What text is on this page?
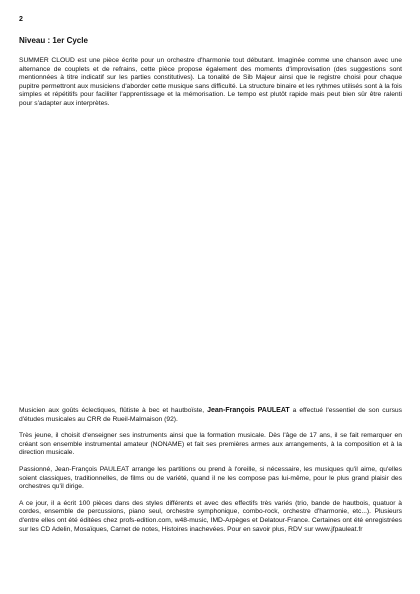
2
Niveau : 1er Cycle

SUMMER CLOUD est une pièce écrite pour un orchestre d'harmonie tout débutant. Imaginée comme une chanson avec une alternance de couplets et de refrains, cette pièce propose également des moments d'improvisation (des suggestions sont mentionnées à titre indicatif sur les parties constitutives). La tonalité de Sib Majeur ainsi que le registre choisi pour chaque pupitre permettront aux musiciens d'aborder cette musique sans difficulté. La structure binaire et les rythmes utilisés sont à la fois simples et répétitifs pour faciliter l'apprentissage et la mémorisation. Le tempo est plutôt rapide mais peut bien sûr être ralenti pour s'adapter aux interprètes.

Musicien aux goûts éclectiques, flûtiste à bec et hautboïste, Jean-François PAULEAT a effectué l'essentiel de son cursus d'études musicales au CRR de Rueil-Malmaison (92).

Très jeune, il choisit d'enseigner ses instruments ainsi que la formation musicale. Dès l'âge de 17 ans, il se fait remarquer en créant son ensemble instrumental amateur (NONAME) et fait ses premières armes aux arrangements, à la composition et à la direction musicale.

Passionné, Jean-François PAULEAT arrange les partitions ou prend à l'oreille, si nécessaire, les musiques qu'il aime, qu'elles soient classiques, traditionnelles, de films ou de variété, quand il ne les compose pas lui-même, pour le plus grand plaisir des orchestres qu'il dirige.

A ce jour, il a écrit 100 pièces dans des styles différents et avec des effectifs très variés (trio, bande de hautbois, quatuor à cordes, ensemble de percussions, piano seul, orchestre symphonique, combo-rock, orchestre d'harmonie, etc...). Plusieurs d'entre elles ont été éditées chez profs-edition.com, w48-music, IMD-Arpèges et Delatour-France. Certaines ont été enregistrées sur les CD Adelin, Mosaïques, Carnet de notes, Histoires inachevées. Pour en savoir plus, RDV sur www.jfpauleat.fr
